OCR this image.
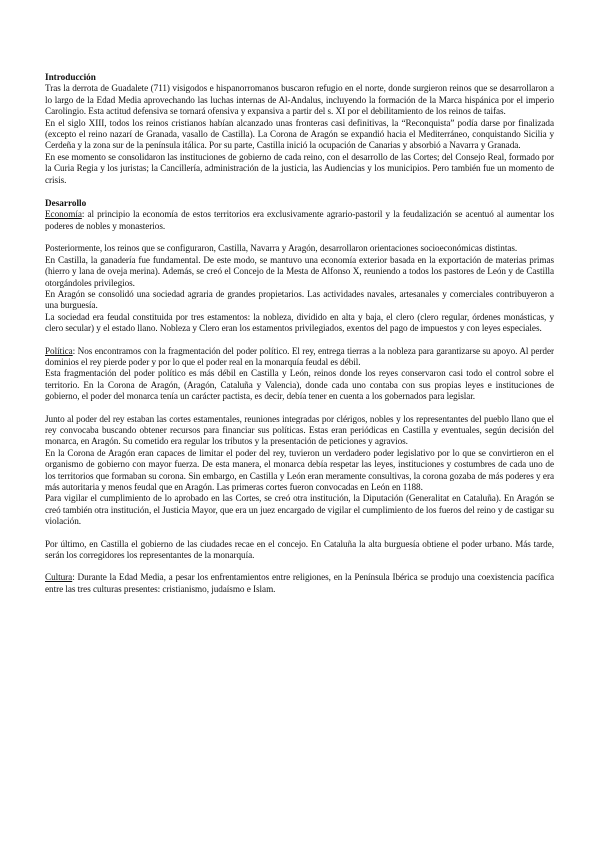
Introducción

Tras la derrota de Guadalete (711) visigodos e hispanorromanos buscaron refugio en el norte, donde surgieron reinos que se desarrollaron a lo largo de la Edad Media aprovechando las luchas internas de Al-Andalus, incluyendo la formación de la Marca hispánica por el imperio Carolingio. Esta actitud defensiva se tornará ofensiva y expansiva a partir del s. XI por el debilitamiento de los reinos de taifas.

En el siglo XIII, todos los reinos cristianos habían alcanzado unas fronteras casi definitivas, la “Reconquista” podía darse por finalizada (excepto el reino nazarí de Granada, vasallo de Castilla). La Corona de Aragón se expandió hacia el Mediterráneo, conquistando Sicilia y Cerdeña y la zona sur de la península itálica. Por su parte, Castilla inició la ocupación de Canarias y absorbió a Navarra y Granada.

En ese momento se consolidaron las instituciones de gobierno de cada reino, con el desarrollo de las Cortes; del Consejo Real, formado por la Curia Regia y los juristas; la Cancillería, administración de la justicia, las Audiencias y los municipios. Pero también fue un momento de crisis.

Desarrollo

Economía: al principio la economía de estos territorios era exclusivamente agrario-pastoril y la feudalización se acentuó al aumentar los poderes de nobles y monasterios.

Posteriormente, los reinos que se configuraron, Castilla, Navarra y Aragón, desarrollaron orientaciones socioeconómicas distintas.

En Castilla, la ganadería fue fundamental. De este modo, se mantuvo una economía exterior basada en la exportación de materias primas (hierro y lana de oveja merina). Además, se creó el Concejo de la Mesta de Alfonso X, reuniendo a todos los pastores de León y de Castilla otorgándoles privilegios.

En Aragón se consolidó una sociedad agraria de grandes propietarios. Las actividades navales, artesanales y comerciales contribuyeron a una burguesía.

La sociedad era feudal constituida por tres estamentos: la nobleza, dividido en alta y baja, el clero (clero regular, órdenes monásticas, y clero secular) y el estado llano. Nobleza y Clero eran los estamentos privilegiados, exentos del pago de impuestos y con leyes especiales.

Política: Nos encontramos con la fragmentación del poder político. El rey, entrega tierras a la nobleza para garantizarse su apoyo. Al perder dominios el rey pierde poder y por lo que el poder real en la monarquía feudal es débil.

Esta fragmentación del poder político es más débil en Castilla y León, reinos donde los reyes conservaron casi todo el control sobre el territorio. En la Corona de Aragón, (Aragón, Cataluña y Valencia), donde cada uno contaba con sus propias leyes e instituciones de gobierno, el poder del monarca tenía un carácter pactista, es decir, debía tener en cuenta a los gobernados para legislar.

Junto al poder del rey estaban las cortes estamentales, reuniones integradas por clérigos, nobles y los representantes del pueblo llano que el rey convocaba buscando obtener recursos para financiar sus políticas. Estas eran periódicas en Castilla y eventuales, según decisión del monarca, en Aragón. Su cometido era regular los tributos y la presentación de peticiones y agravios.

En la Corona de Aragón eran capaces de limitar el poder del rey, tuvieron un verdadero poder legislativo por lo que se convirtieron en el organismo de gobierno con mayor fuerza. De esta manera, el monarca debía respetar las leyes, instituciones y costumbres de cada uno de los territorios que formaban su corona. Sin embargo, en Castilla y León eran meramente consultivas, la corona gozaba de más poderes y era más autoritaria y menos feudal que en Aragón. Las primeras cortes fueron convocadas en León en 1188.

Para vigilar el cumplimiento de lo aprobado en las Cortes, se creó otra institución, la Diputación (Generalitat en Cataluña). En Aragón se creó también otra institución, el Justicia Mayor, que era un juez encargado de vigilar el cumplimiento de los fueros del reino y de castigar su violación.

Por último, en Castilla el gobierno de las ciudades recae en el concejo. En Cataluña la alta burguesía obtiene el poder urbano. Más tarde, serán los corregidores los representantes de la monarquía.

Cultura: Durante la Edad Media, a pesar los enfrentamientos entre religiones, en la Península Ibérica se produjo una coexistencia pacífica entre las tres culturas presentes: cristianismo, judaísmo e Islam.
